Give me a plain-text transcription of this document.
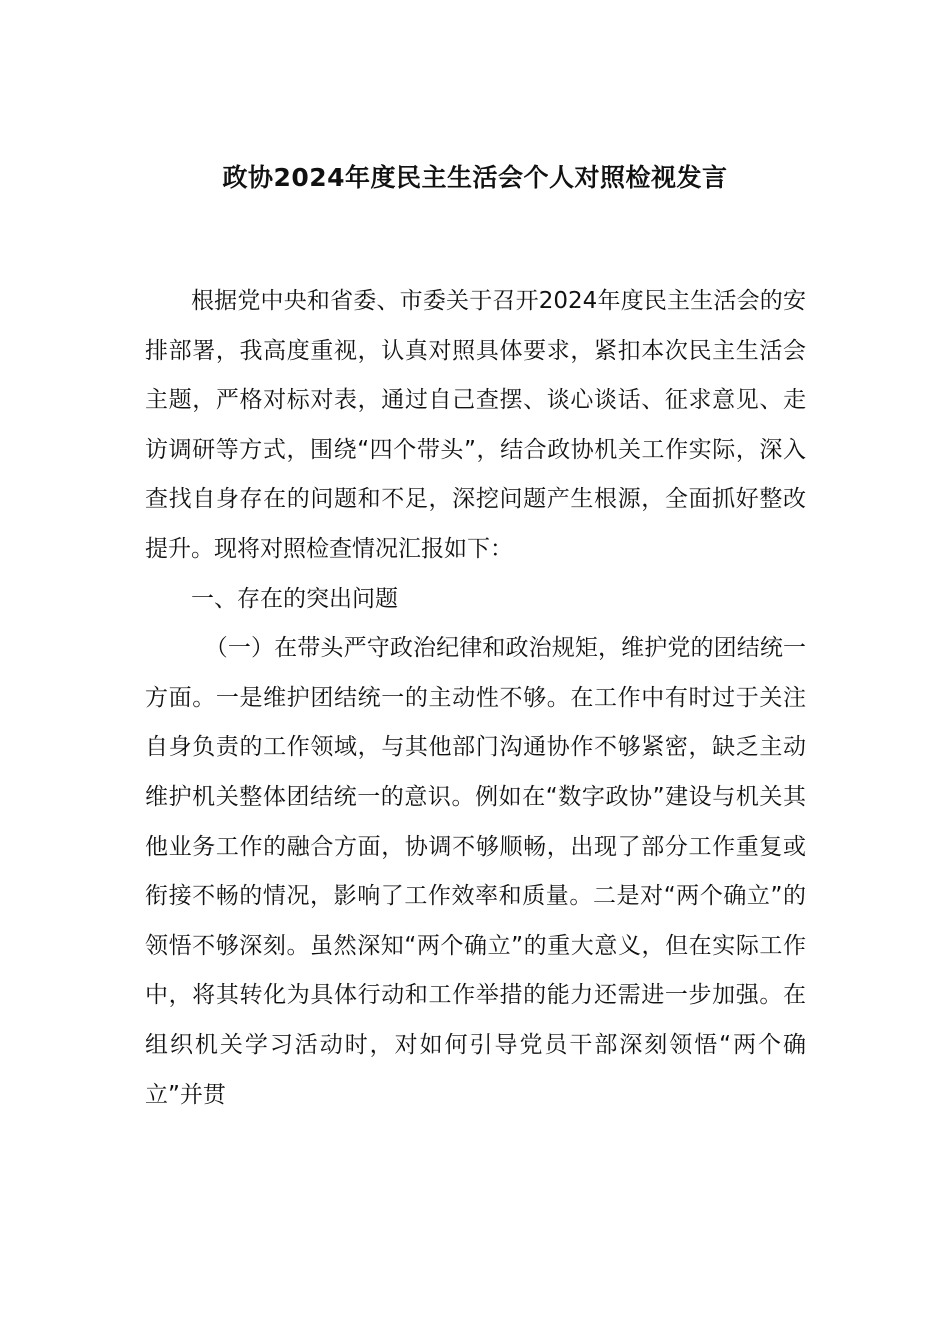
政协2024年度民主生活会个人对照检视发言

根据党中央和省委、市委关于召开2024年度民主生活会的安排部署，我高度重视，认真对照具体要求，紧扣本次民主生活会主题，严格对标对表，通过自己查摆、谈心谈话、征求意见、走访调研等方式，围绕“四个带头”，结合政协机关工作实际，深入查找自身存在的问题和不足，深挖问题产生根源，全面抓好整改提升。现将对照检查情况汇报如下：

一、存在的突出问题

（一）在带头严守政治纪律和政治规矩，维护党的团结统一方面。一是维护团结统一的主动性不够。在工作中有时过于关注自身负责的工作领域，与其他部门沟通协作不够紧密，缺乏主动维护机关整体团结统一的意识。例如在“数字政协”建设与机关其他业务工作的融合方面，协调不够顺畅，出现了部分工作重复或衔接不畅的情况，影响了工作效率和质量。二是对“两个确立”的领悟不够深刻。虽然深知“两个确立”的重大意义，但在实际工作中，将其转化为具体行动和工作举措的能力还需进一步加强。在组织机关学习活动时，对如何引导党员干部深刻领悟“两个确立”并贯
